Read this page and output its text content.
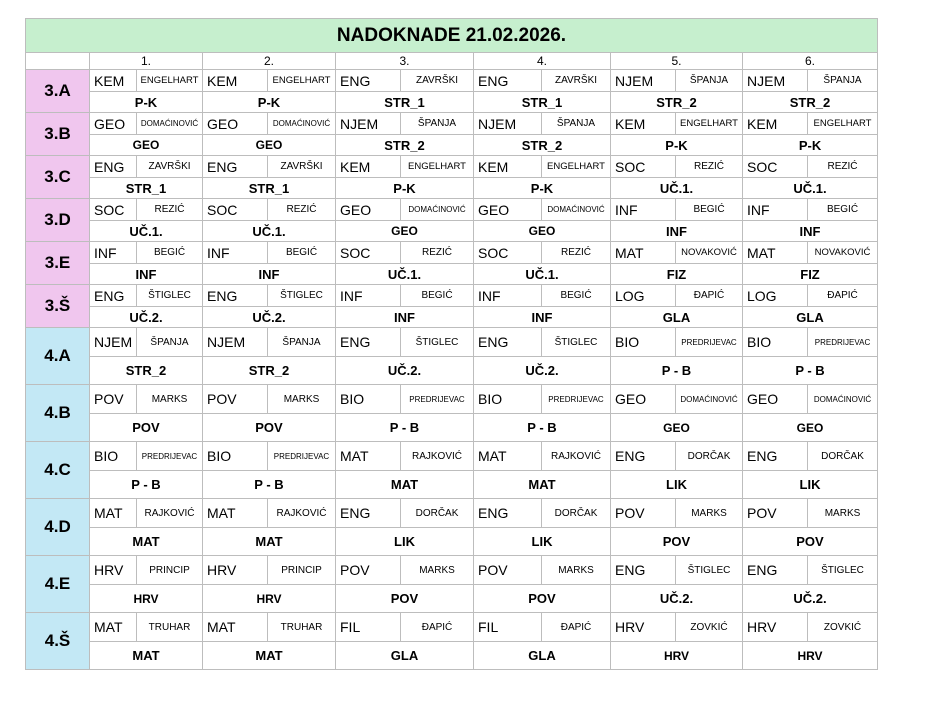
NADOKNADE 21.02.2026.												
	1.		2.		3.		4.		5.		6.	
3.A	KEM	ENGELHART	KEM	ENGELHART	ENG	ZAVRŠKI	ENG	ZAVRŠKI	NJEM	ŠPANJA	NJEM	ŠPANJA
	P-K		P-K		STR_1		STR_1		STR_2		STR_2	
3.B	GEO	DOMAĆINOVIĆ	GEO	DOMAĆINOVIĆ	NJEM	ŠPANJA	NJEM	ŠPANJA	KEM	ENGELHART	KEM	ENGELHART
	GEO		GEO		STR_2		STR_2		P-K		P-K	
3.C	ENG	ZAVRŠKI	ENG	ZAVRŠKI	KEM	ENGELHART	KEM	ENGELHART	SOC	REZIĆ	SOC	REZIĆ
	STR_1		STR_1		P-K		P-K		UČ.1.		UČ.1.	
3.D	SOC	REZIĆ	SOC	REZIĆ	GEO	DOMAĆINOVIĆ	GEO	DOMAĆINOVIĆ	INF	BEGIĆ	INF	BEGIĆ
	UČ.1.		UČ.1.		GEO		GEO		INF		INF	
3.E	INF	BEGIĆ	INF	BEGIĆ	SOC	REZIĆ	SOC	REZIĆ	MAT	NOVAKOVIĆ	MAT	NOVAKOVIĆ
	INF		INF		UČ.1.		UČ.1.		FIZ		FIZ	
3.Š	ENG	ŠTIGLEC	ENG	ŠTIGLEC	INF	BEGIĆ	INF	BEGIĆ	LOG	ĐAPIĆ	LOG	ĐAPIĆ
	UČ.2.		UČ.2.		INF		INF		GLA		GLA	
4.A	NJEM	ŠPANJA	NJEM	ŠPANJA	ENG	ŠTIGLEC	ENG	ŠTIGLEC	BIO	PREDRIJEVAC	BIO	PREDRIJEVAC
	STR_2		STR_2		UČ.2.		UČ.2.		P - B		P - B	
4.B	POV	MARKS	POV	MARKS	BIO	PREDRIJEVAC	BIO	PREDRIJEVAC	GEO	DOMAĆINOVIĆ	GEO	DOMAĆINOVIĆ
	POV		POV		P - B		P - B		GEO		GEO	
4.C	BIO	PREDRIJEVAC	BIO	PREDRIJEVAC	MAT	RAJKOVIĆ	MAT	RAJKOVIĆ	ENG	DORČAK	ENG	DORČAK
	P - B		P - B		MAT		MAT		LIK		LIK	
4.D	MAT	RAJKOVIĆ	MAT	RAJKOVIĆ	ENG	DORČAK	ENG	DORČAK	POV	MARKS	POV	MARKS
	MAT		MAT		LIK		LIK		POV		POV	
4.E	HRV	PRINCIP	HRV	PRINCIP	POV	MARKS	POV	MARKS	ENG	ŠTIGLEC	ENG	ŠTIGLEC
	HRV		HRV		POV		POV		UČ.2.		UČ.2.	
4.Š	MAT	TRUHAR	MAT	TRUHAR	FIL	ĐAPIĆ	FIL	ĐAPIĆ	HRV	ZOVKIĆ	HRV	ZOVKIĆ
	MAT		MAT		GLA		GLA		HRV		HRV	
